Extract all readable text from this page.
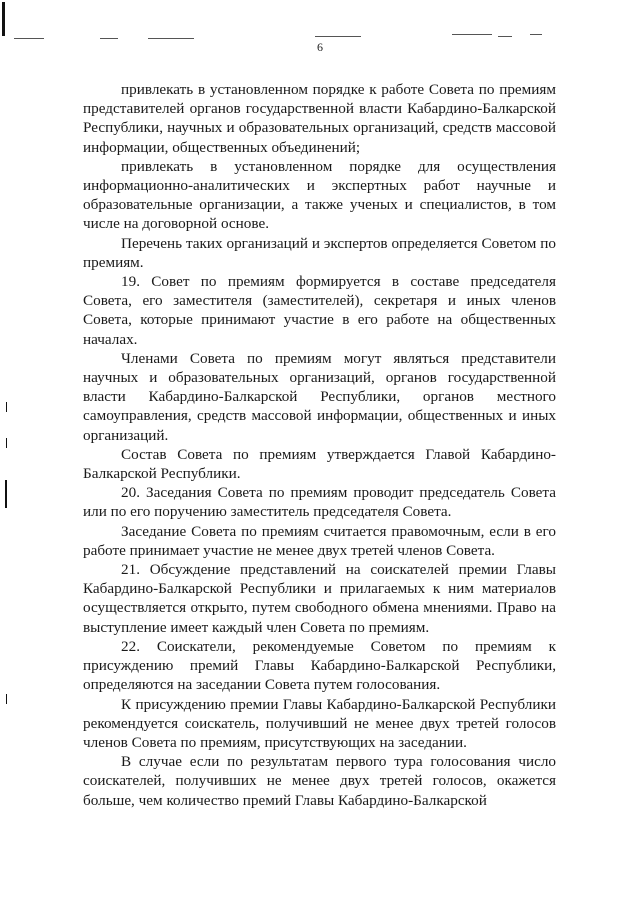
6

привлекать в установленном порядке к работе Совета по премиям представителей органов государственной власти Кабардино-Балкарской Республики, научных и образовательных организаций, средств массовой информации, общественных объединений;

привлекать в установленном порядке для осуществления информационно-аналитических и экспертных работ научные и образовательные организации, а также ученых и специалистов, в том числе на договорной основе.

Перечень таких организаций и экспертов определяется Советом по премиям.

19. Совет по премиям формируется в составе председателя Совета, его заместителя (заместителей), секретаря и иных членов Совета, которые принимают участие в его работе на общественных началах.

Членами Совета по премиям могут являться представители научных и образовательных организаций, органов государственной власти Кабардино-Балкарской Республики, органов местного самоуправления, средств массовой информации, общественных и иных организаций.

Состав Совета по премиям утверждается Главой Кабардино-Балкарской Республики.

20. Заседания Совета по премиям проводит председатель Совета или по его поручению заместитель председателя Совета.

Заседание Совета по премиям считается правомочным, если в его работе принимает участие не менее двух третей членов Совета.

21. Обсуждение представлений на соискателей премии Главы Кабардино-Балкарской Республики и прилагаемых к ним материалов осуществляется открыто, путем свободного обмена мнениями. Право на выступление имеет каждый член Совета по премиям.

22. Соискатели, рекомендуемые Советом по премиям к присуждению премий Главы Кабардино-Балкарской Республики, определяются на заседании Совета путем голосования.

К присуждению премии Главы Кабардино-Балкарской Республики рекомендуется соискатель, получивший не менее двух третей голосов членов Совета по премиям, присутствующих на заседании.

В случае если по результатам первого тура голосования число соискателей, получивших не менее двух третей голосов, окажется больше, чем количество премий Главы Кабардино-Балкарской
